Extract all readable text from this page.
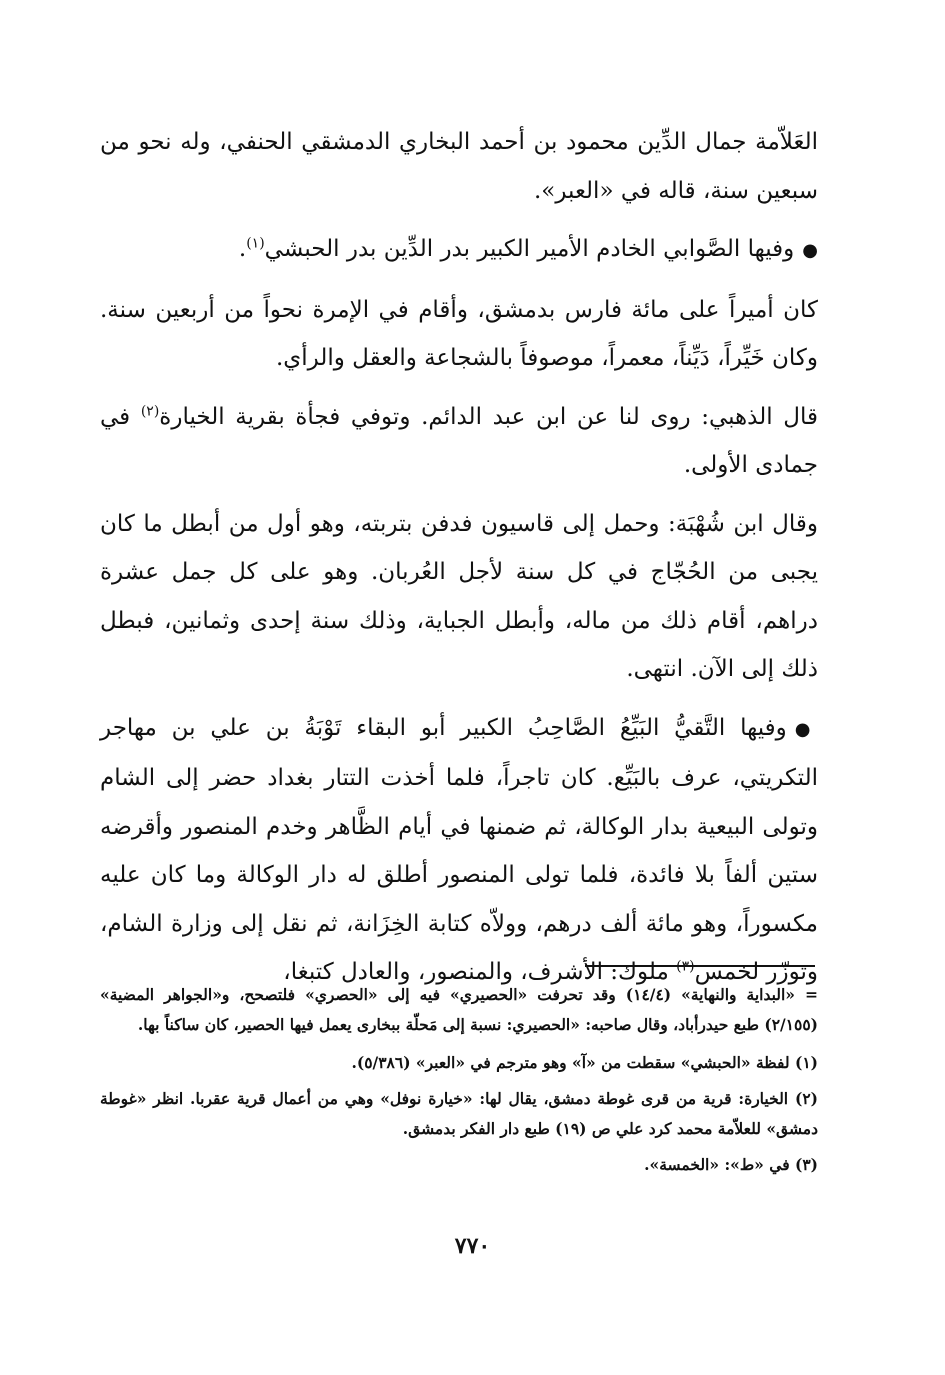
العَلاّمة جمال الدِّين محمود بن أحمد البخاري الدمشقي الحنفي، وله نحو من سبعين سنة، قاله في «العبر».

●وفيها الصَّوابي الخادم الأمير الكبير بدر الدِّين بدر الحبشي$^{(١)}$.

كان أميراً على مائة فارس بدمشق، وأقام في الإمرة نحواً من أربعين سنة. وكان خَيِّراً، دَيِّناً، معمراً، موصوفاً بالشجاعة والعقل والرأي.

قال الذهبي: روى لنا عن ابن عبد الدائم. وتوفي فجأة بقرية الخيارة$^{(٢)}$ في جمادى الأولى.

وقال ابن شُهْبَة: وحمل إلى قاسيون فدفن بتربته، وهو أول من أبطل ما كان يجبى من الحُجّاج في كل سنة لأجل العُربان. وهو على كل جمل عشرة دراهم، أقام ذلك من ماله، وأبطل الجباية، وذلك سنة إحدى وثمانين، فبطل ذلك إلى الآن. انتهى.

●وفيها التَّقيُّ البَيِّعُ الصَّاحِبُ الكبير أبو البقاء تَوْبَةُ بن علي بن مهاجر التكريتي، عرف بالبَيِّع. كان تاجراً، فلما أخذت التتار بغداد حضر إلى الشام وتولى البيعية بدار الوكالة، ثم ضمنها في أيام الظَّاهر وخدم المنصور وأقرضه ستين ألفاً بلا فائدة، فلما تولى المنصور أطلق له دار الوكالة وما كان عليه مكسوراً، وهو مائة ألف درهم، وولاّه كتابة الخِزَانة، ثم نقل إلى وزارة الشام، وتوزّر لخمس$^{(٣)}$ ملوك: الأشرف، والمنصور، والعادل كتبغا،

= «البداية والنهاية» (١٤/٤) وقد تحرفت «الحصيري» فيه إلى «الحصري» فلتصحح، و«الجواهر المضية» (٢/١٥٥) طبع حيدرأباد، وقال صاحبه: «الحصيري: نسبة إلى مَحلّة ببخارى يعمل فيها الحصير، كان ساكناً بها.

(١) لفظة «الحبشي» سقطت من «آ» وهو مترجم في «العبر» (٥/٣٨٦).

(٢) الخيارة: قرية من قرى غوطة دمشق، يقال لها: «خيارة نوفل» وهي من أعمال قرية عقربا. انظر «غوطة دمشق» للعلاّمة محمد كرد علي ص (١٩) طبع دار الفكر بدمشق.

(٣) في «ط»: «الخمسة».

٧٧٠
